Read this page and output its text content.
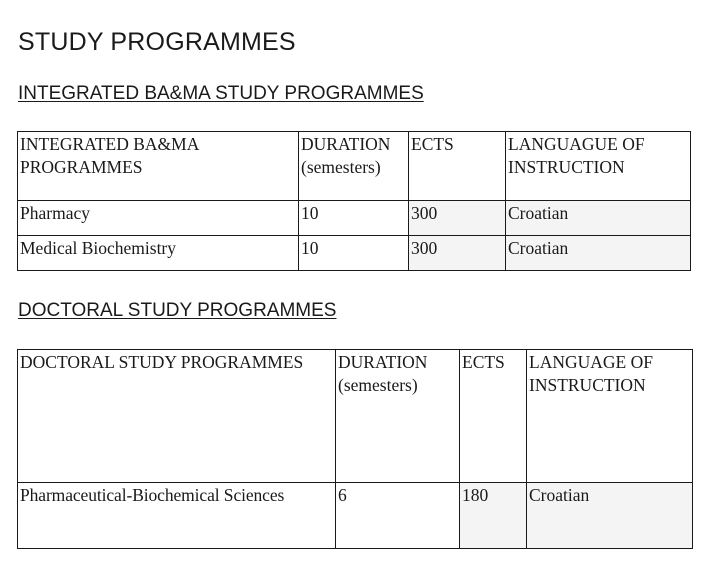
STUDY PROGRAMMES
INTEGRATED BA&MA STUDY PROGRAMMES
INTEGRATED BA&MA PROGRAMMES	DURATION (semesters)	ECTS	LANGUAGUE OF INSTRUCTION
Pharmacy	10	300	Croatian
Medical Biochemistry	10	300	Croatian
DOCTORAL STUDY PROGRAMMES
DOCTORAL STUDY PROGRAMMES	DURATION (semesters)	ECTS	LANGUAGE OF INSTRUCTION
Pharmaceutical-Biochemical Sciences	6	180	Croatian
